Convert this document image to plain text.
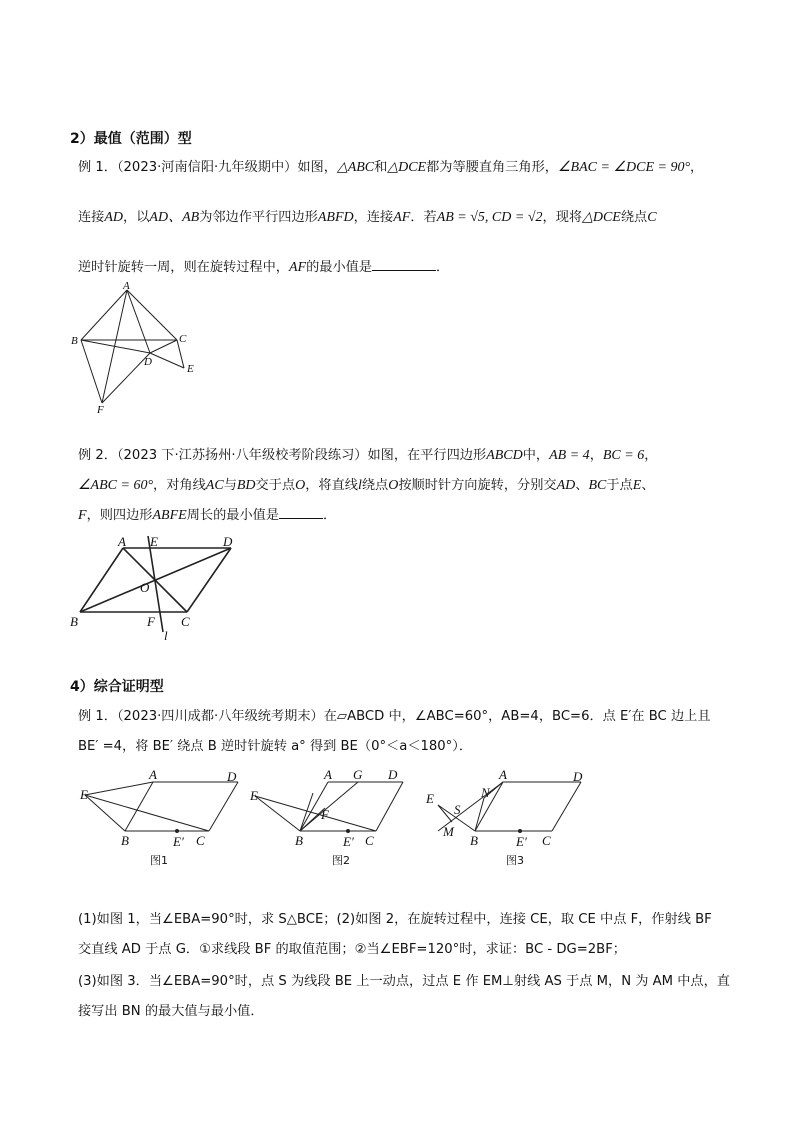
2）最值（范围）型
例 1．（2023·河南信阳·九年级期中）如图，△ABC和△DCE都为等腰直角三角形，∠BAC = ∠DCE = 90°，
连接AD，以AD、AB为邻边作平行四边形ABFD，连接AF．若AB = √5, CD = √2，现将△DCE绕点C
逆时针旋转一周，则在旋转过程中，AF的最小值是	．
A
B	C
D
E
F
例 2．（2023 下·江苏扬州·八年级校考阶段练习）如图，在平行四边形ABCD中，AB = 4，BC = 6，
∠ABC = 60°，对角线AC与BD交于点O，将直线l绕点O按顺时针方向旋转，分别交AD、BC于点E、
F，则四边形ABFE周长的最小值是	．
A E	D
O
B	F C
l
4）综合证明型
例 1．（2023·四川成都·八年级统考期末）在▱ABCD 中，∠ABC=60°，AB=4，BC=6．点 E′在 BC 边上且
BE′ =4，将 BE′ 绕点 B 逆时针旋转 a° 得到 BE（0°＜a＜180°）．
A	D
E
B	E′ C
图1
A G D
E
F
B	E′ C
图2
A	D
N
E
S
M
B	E′ C
图3
(1)如图 1，当∠EBA=90°时，求 S△BCE；(2)如图 2，在旋转过程中，连接 CE，取 CE 中点 F，作射线 BF
交直线 AD 于点 G．①求线段 BF 的取值范围；②当∠EBF=120°时，求证：BC - DG=2BF；
(3)如图 3．当∠EBA=90°时，点 S 为线段 BE 上一动点，过点 E 作 EM⊥射线 AS 于点 M，N 为 AM 中点，直
接写出 BN 的最大值与最小值．
